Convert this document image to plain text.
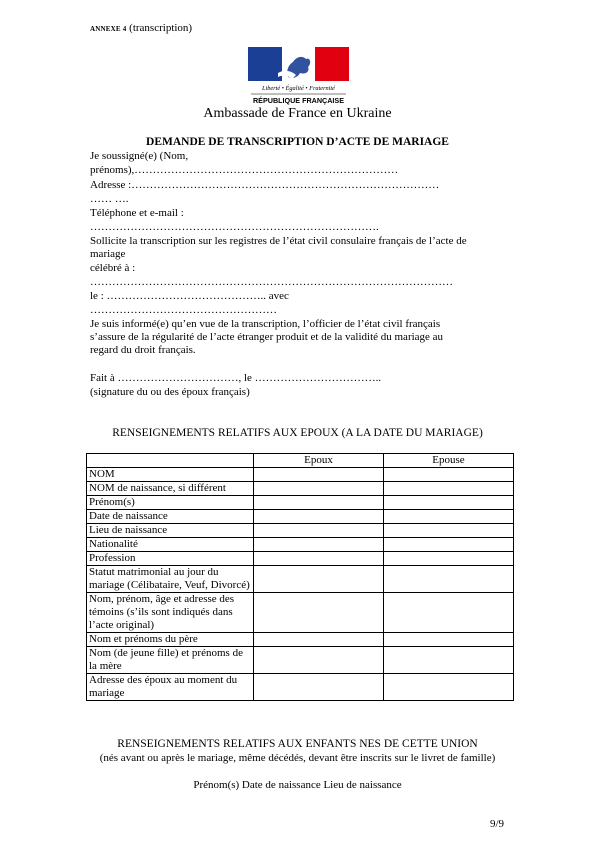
ANNEXE 4 (transcription)
Liberté • Égalité • Fraternité
RÉPUBLIQUE FRANÇAISE
Ambassade de France en Ukraine
DEMANDE DE TRANSCRIPTION D’ACTE DE MARIAGE
Je soussigné(e) (Nom,
prénoms),………………………………………………………………
Adresse :…………………………………………………………………………
…… ….
Téléphone et e-mail :
…………………………………………………………………….
Sollicite la transcription sur les registres de l’état civil consulaire français de l’acte de
mariage
célébré à :
………………………………………………………………………………………
le : …………………………………….. avec
……………………………………………
Je suis informé(e) qu’en vue de la transcription, l’officier de l’état civil français
s’assure de la régularité de l’acte étranger produit et de la validité du mariage au
regard du droit français.
Fait à ……………………………, le ……………………………..
(signature du ou des époux français)
RENSEIGNEMENTS RELATIFS AUX EPOUX (A LA DATE DU MARIAGE)
	Epoux	Epouse
NOM		
NOM de naissance, si différent		
Prénom(s)		
Date de naissance		
Lieu de naissance		
Nationalité		
Profession		
Statut matrimonial au jour du mariage (Célibataire, Veuf, Divorcé)		
Nom, prénom, âge et adresse des témoins (s’ils sont indiqués dans l’acte original)		
Nom et prénoms du père		
Nom (de jeune fille) et prénoms de la mère		
Adresse des époux au moment du mariage		
RENSEIGNEMENTS RELATIFS AUX ENFANTS NES DE CETTE UNION
(nés avant ou après le mariage, même décédés, devant être inscrits sur le livret de famille)
Prénom(s) Date de naissance Lieu de naissance
9/9
